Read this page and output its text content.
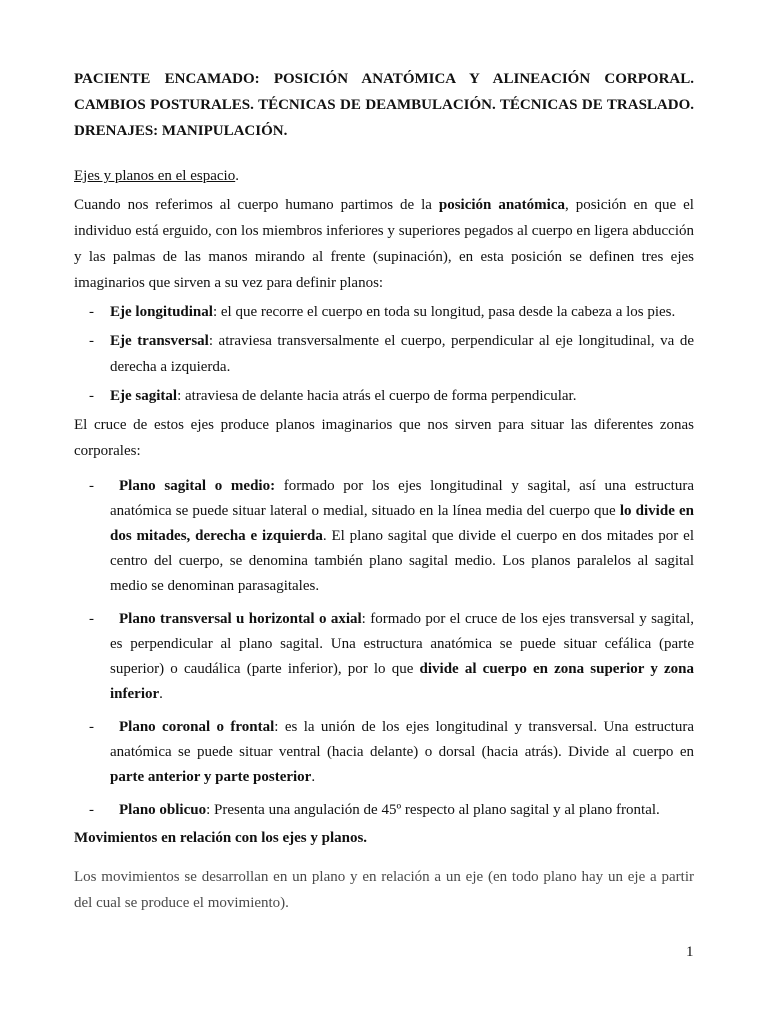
PACIENTE ENCAMADO: POSICIÓN ANATÓMICA Y ALINEACIÓN CORPORAL. CAMBIOS POSTURALES. TÉCNICAS DE DEAMBULACIÓN. TÉCNICAS DE TRASLADO. DRENAJES: MANIPULACIÓN.

Ejes y planos en el espacio.

Cuando nos referimos al cuerpo humano partimos de la posición anatómica, posición en que el individuo está erguido, con los miembros inferiores y superiores pegados al cuerpo en ligera abducción y las palmas de las manos mirando al frente (supinación), en esta posición se definen tres ejes imaginarios que sirven a su vez para definir planos:

- Eje longitudinal: el que recorre el cuerpo en toda su longitud, pasa desde la cabeza a los pies.
- Eje transversal: atraviesa transversalmente el cuerpo, perpendicular al eje longitudinal, va de derecha a izquierda.
- Eje sagital: atraviesa de delante hacia atrás el cuerpo de forma perpendicular.

El cruce de estos ejes produce planos imaginarios que nos sirven para situar las diferentes zonas corporales:

- Plano sagital o medio: formado por los ejes longitudinal y sagital, así una estructura anatómica se puede situar lateral o medial, situado en la línea media del cuerpo que lo divide en dos mitades, derecha e izquierda. El plano sagital que divide el cuerpo en dos mitades por el centro del cuerpo, se denomina también plano sagital medio. Los planos paralelos al sagital medio se denominan parasagitales.
- Plano transversal u horizontal o axial: formado por el cruce de los ejes transversal y sagital, es perpendicular al plano sagital. Una estructura anatómica se puede situar cefálica (parte superior) o caudálica (parte inferior), por lo que divide al cuerpo en zona superior y zona inferior.
- Plano coronal o frontal: es la unión de los ejes longitudinal y transversal. Una estructura anatómica se puede situar ventral (hacia delante) o dorsal (hacia atrás). Divide al cuerpo en parte anterior y parte posterior.
- Plano oblicuo: Presenta una angulación de 45º respecto al plano sagital y al plano frontal.

Movimientos en relación con los ejes y planos.

Los movimientos se desarrollan en un plano y en relación a un eje (en todo plano hay un eje a partir del cual se produce el movimiento).

1
